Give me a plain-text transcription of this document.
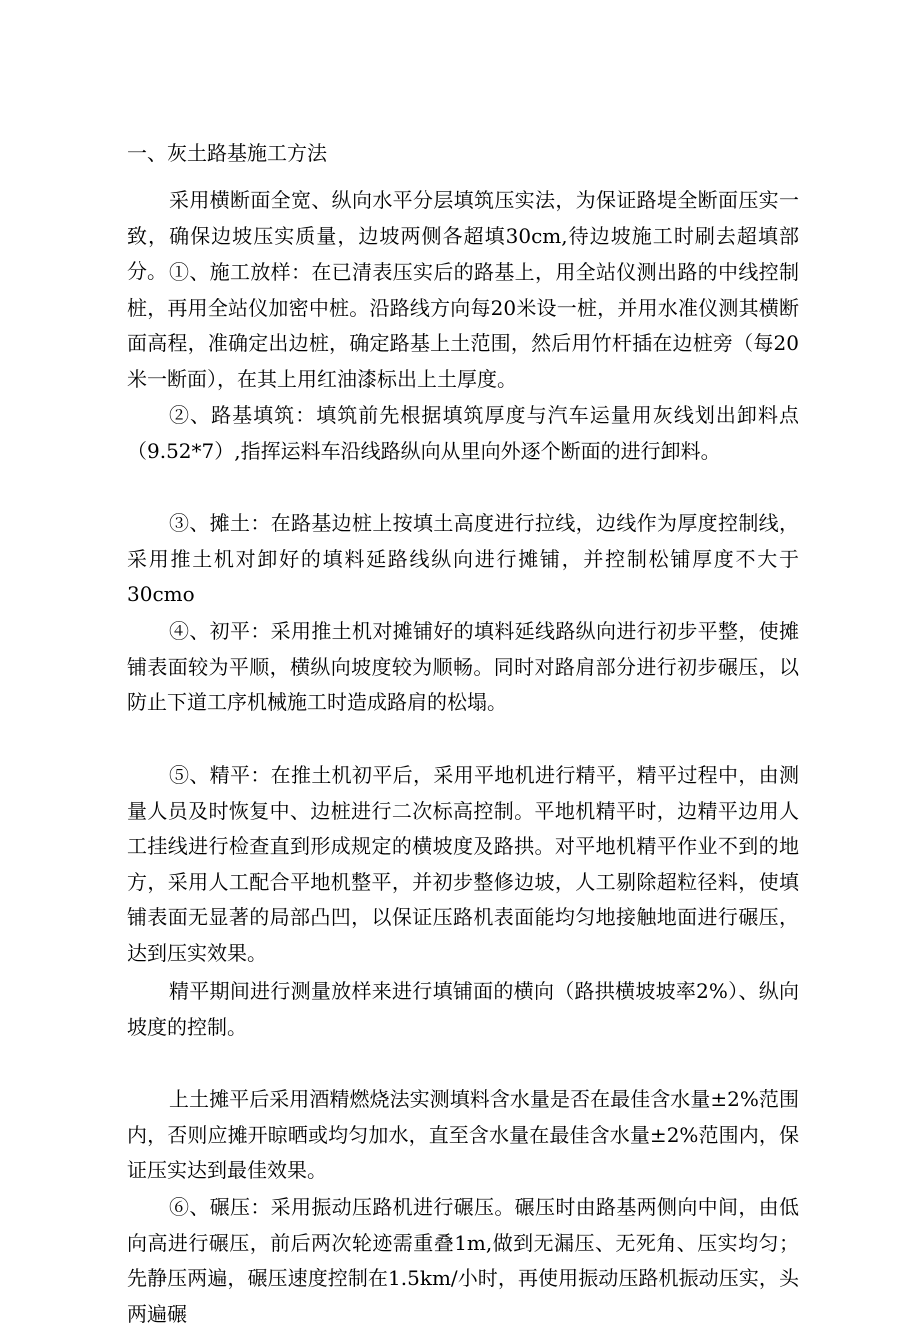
一、灰土路基施工方法

采用横断面全宽、纵向水平分层填筑压实法，为保证路堤全断面压实一致，确保边坡压实质量，边坡两侧各超填30cm,待边坡施工时刷去超填部分。 ①、施工放样：在已清表压实后的路基上，用全站仪测出路的中线控制桩，再用全站仪加密中桩。沿路线方向每20米设一桩，并用水准仪测其横断面高程，准确定出边桩，确定路基上土范围，然后用竹杆插在边桩旁（每20米一断面），在其上用红油漆标出上土厚度。

②、路基填筑：填筑前先根据填筑厚度与汽车运量用灰线划出卸料点（9.52*7）,指挥运料车沿线路纵向从里向外逐个断面的进行卸料。

③、摊土：在路基边桩上按填土高度进行拉线，边线作为厚度控制线，采用推土机对卸好的填料延路线纵向进行摊铺，并控制松铺厚度不大于30cmo

④、初平：采用推土机对摊铺好的填料延线路纵向进行初步平整，使摊铺表面较为平顺，横纵向坡度较为顺畅。同时对路肩部分进行初步碾压，以防止下道工序机械施工时造成路肩的松塌。

⑤、精平：在推土机初平后，采用平地机进行精平，精平过程中，由测量人员及时恢复中、边桩进行二次标高控制。平地机精平时，边精平边用人工挂线进行检查直到形成规定的横坡度及路拱。对平地机精平作业不到的地方，采用人工配合平地机整平，并初步整修边坡，人工剔除超粒径料，使填铺表面无显著的局部凸凹，以保证压路机表面能均匀地接触地面进行碾压，达到压实效果。

精平期间进行测量放样来进行填铺面的横向（路拱横坡坡率2%）、纵向坡度的控制。

上土摊平后采用酒精燃烧法实测填料含水量是否在最佳含水量±2%范围内，否则应摊开晾晒或均匀加水，直至含水量在最佳含水量±2%范围内，保证压实达到最佳效果。

⑥、碾压：采用振动压路机进行碾压。碾压时由路基两侧向中间，由低向高进行碾压，前后两次轮迹需重叠1m,做到无漏压、无死角、压实均匀；先静压两遍，碾压速度控制在1.5km/小时，再使用振动压路机振动压实，头两遍碾
